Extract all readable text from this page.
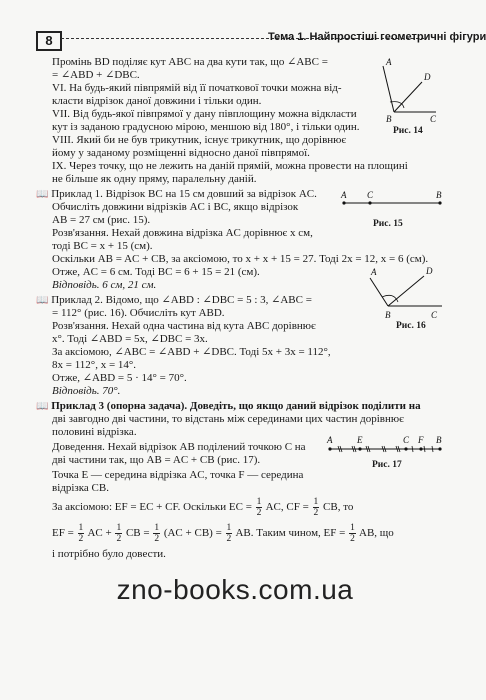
8	Тема 1. Найпростіші геометричні фігури
Промінь BD поділяє кут ABC на два кути так, що ∠ABC =
= ∠ABD + ∠DBC.
VI. На будь-який півпрямій від її початкової точки можна від-
класти відрізок даної довжини і тільки один.
VII. Від будь-якої півпрямої у дану півплощину можна відкласти
кут із заданою градусною мірою, меншою від 180°, і тільки один.
VIII. Який би не був трикутник, існує трикутник, що дорівнює
йому у заданому розміщенні відносно даної півпрямої.
IX. Через точку, що не лежить на даній прямій, можна провести на площині
не більше як одну пряму, паралельну даній.
📖 Приклад 1. Відрізок BC на 15 см довший за відрізок AC.
Обчисліть довжини відрізків AC і BC, якщо відрізок
AB = 27 см (рис. 15).
Розв'язання. Нехай довжина відрізка AC дорівнює x см,
тоді BC = x + 15 (см).
Оскільки AB = AC + CB, за аксіомою, то x + x + 15 = 27. Тоді 2x = 12, x = 6 (см).
Отже, AC = 6 см. Тоді BC = 6 + 15 = 21 (см).
Відповідь. 6 см, 21 см.
📖 Приклад 2. Відомо, що ∠ABD : ∠DBC = 5 : 3, ∠ABC =
= 112° (рис. 16). Обчисліть кут ABD.
Розв'язання. Нехай одна частина від кута ABC дорівнює
x°. Тоді ∠ABD = 5x, ∠DBC = 3x.
За аксіомою, ∠ABC = ∠ABD + ∠DBC. Тоді 5x + 3x = 112°,
8x = 112°, x = 14°.
Отже, ∠ABD = 5 · 14° = 70°.
Відповідь. 70°.
📖 Приклад 3 (опорна задача). Доведіть, що якщо даний відрізок поділити на
дві завгодно дві частини, то відстань між серединами цих частин дорівнює
половині відрізка.
Доведення. Нехай відрізок AB поділений точкою C на
дві частини так, що AB = AC + CB (рис. 17).
Точка E — середина відрізка AC, точка F — середина
відрізка CB.
За аксіомою: EF = EC + CF. Оскільки EC = $\frac{1}{2}$ AC, CF = $\frac{1}{2}$ CB, то
EF = $\frac{1}{2}$ AC + $\frac{1}{2}$ CB = $\frac{1}{2} (AC + CB) = \frac{1}{2}$ AB. Таким чином, EF = $\frac{1}{2}$ AB, що
і потрібно було довести.
A
D
B	C
Рис. 14
A C	B
Рис. 15
A	D
B	C
Рис. 16
A	E	C F B
Рис. 17
zno-books.com.ua
